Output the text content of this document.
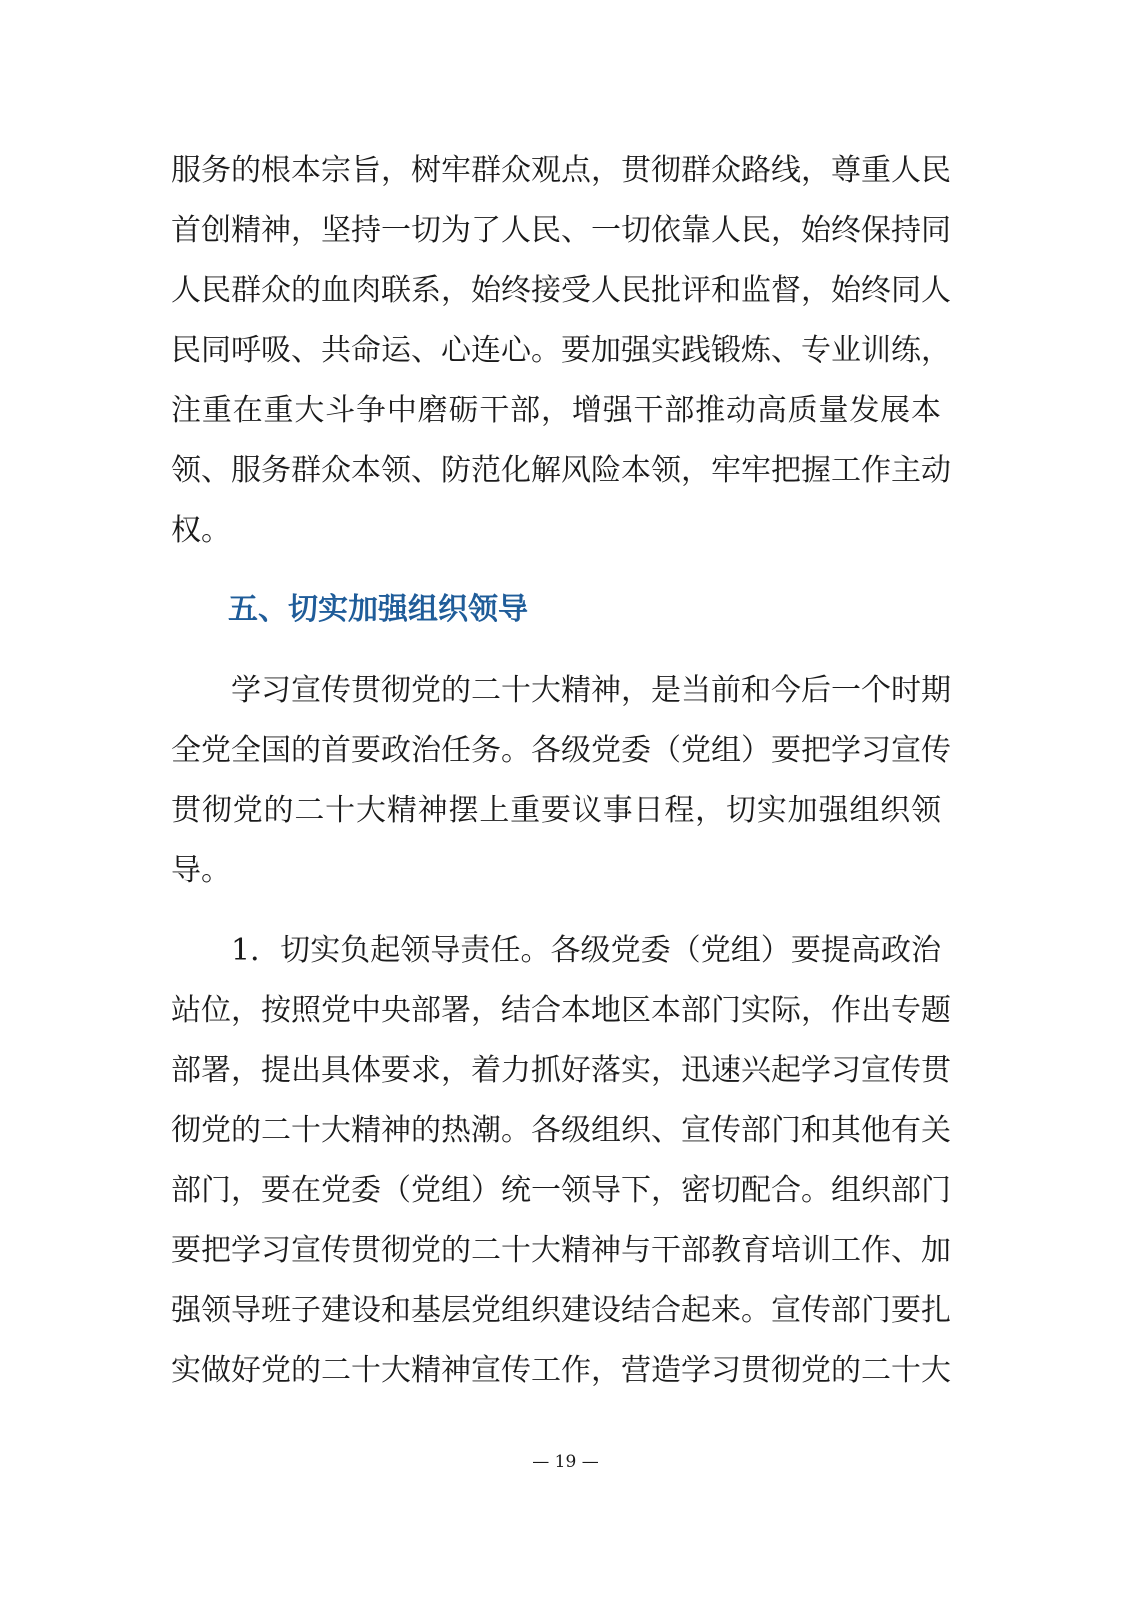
服务的根本宗旨，树牢群众观点，贯彻群众路线，尊重人民
首创精神，坚持一切为了人民、一切依靠人民，始终保持同
人民群众的血肉联系，始终接受人民批评和监督，始终同人
民同呼吸、共命运、心连心。要加强实践锻炼、专业训练，
注重在重大斗争中磨砺干部，增强干部推动高质量发展本
领、服务群众本领、防范化解风险本领，牢牢把握工作主动
权。
五、切实加强组织领导
学习宣传贯彻党的二十大精神，是当前和今后一个时期
全党全国的首要政治任务。各级党委（党组）要把学习宣传
贯彻党的二十大精神摆上重要议事日程，切实加强组织领
导。
1．切实负起领导责任。各级党委（党组）要提高政治
站位，按照党中央部署，结合本地区本部门实际，作出专题
部署，提出具体要求，着力抓好落实，迅速兴起学习宣传贯
彻党的二十大精神的热潮。各级组织、宣传部门和其他有关
部门，要在党委（党组）统一领导下，密切配合。组织部门
要把学习宣传贯彻党的二十大精神与干部教育培训工作、加
强领导班子建设和基层党组织建设结合起来。宣传部门要扎
实做好党的二十大精神宣传工作，营造学习贯彻党的二十大
— 19 —
